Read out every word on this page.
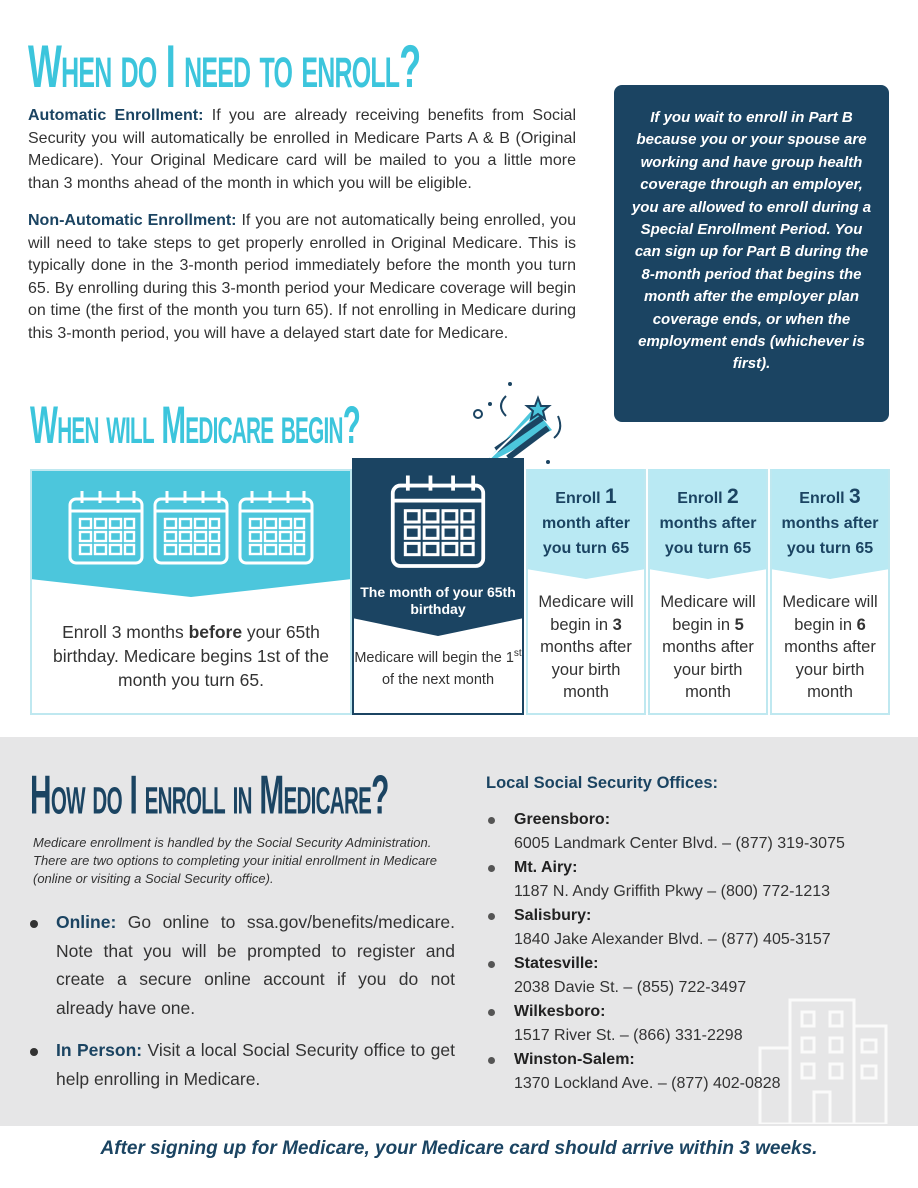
When do I need to enroll?

Automatic Enrollment: If you are already receiving benefits from Social Security you will automatically be enrolled in Medicare Parts A & B (Original Medicare). Your Original Medicare card will be mailed to you a little more than 3 months ahead of the month in which you will be eligible.

Non-Automatic Enrollment: If you are not automatically being enrolled, you will need to take steps to get properly enrolled in Original Medicare. This is typically done in the 3-month period immediately before the month you turn 65. By enrolling during this 3-month period your Medicare coverage will begin on time (the first of the month you turn 65). If not enrolling in Medicare during this 3-month period, you will have a delayed start date for Medicare.

If you wait to enroll in Part B because you or your spouse are working and have group health coverage through an employer, you are allowed to enroll during a Special Enrollment Period. You can sign up for Part B during the 8-month period that begins the month after the employer plan coverage ends, or when the employment ends (whichever is first).
When will Medicare begin?

Enroll 3 months before your 65th birthday. Medicare begins 1st of the month you turn 65.

The month of your 65th birthday

Medicare will begin the 1st of the next month

Enroll 1
month after you turn 65
Medicare will begin in 3 months after your birth month
Enroll 2
months after you turn 65
Medicare will begin in 5 months after your birth month
Enroll 3
months after you turn 65
Medicare will begin in 6 months after your birth month
How do I enroll in Medicare?

Medicare enrollment is handled by the Social Security Administration. There are two options to completing your initial enrollment in Medicare (online or visiting a Social Security office).

Online: Go online to ssa.gov/benefits/medicare. Note that you will be prompted to register and create a secure online account if you do not already have one.
In Person: Visit a local Social Security office to get help enrolling in Medicare.
Local Social Security Offices:
Greensboro:
6005 Landmark Center Blvd. – (877) 319-3075
Mt. Airy:
1187 N. Andy Griffith Pkwy – (800) 772-1213
Salisbury:
1840 Jake Alexander Blvd. – (877) 405-3157
Statesville:
2038 Davie St. – (855) 722-3497
Wilkesboro:
1517 River St. – (866) 331-2298
Winston-Salem:
1370 Lockland Ave. – (877) 402-0828
After signing up for Medicare, your Medicare card should arrive within 3 weeks.
